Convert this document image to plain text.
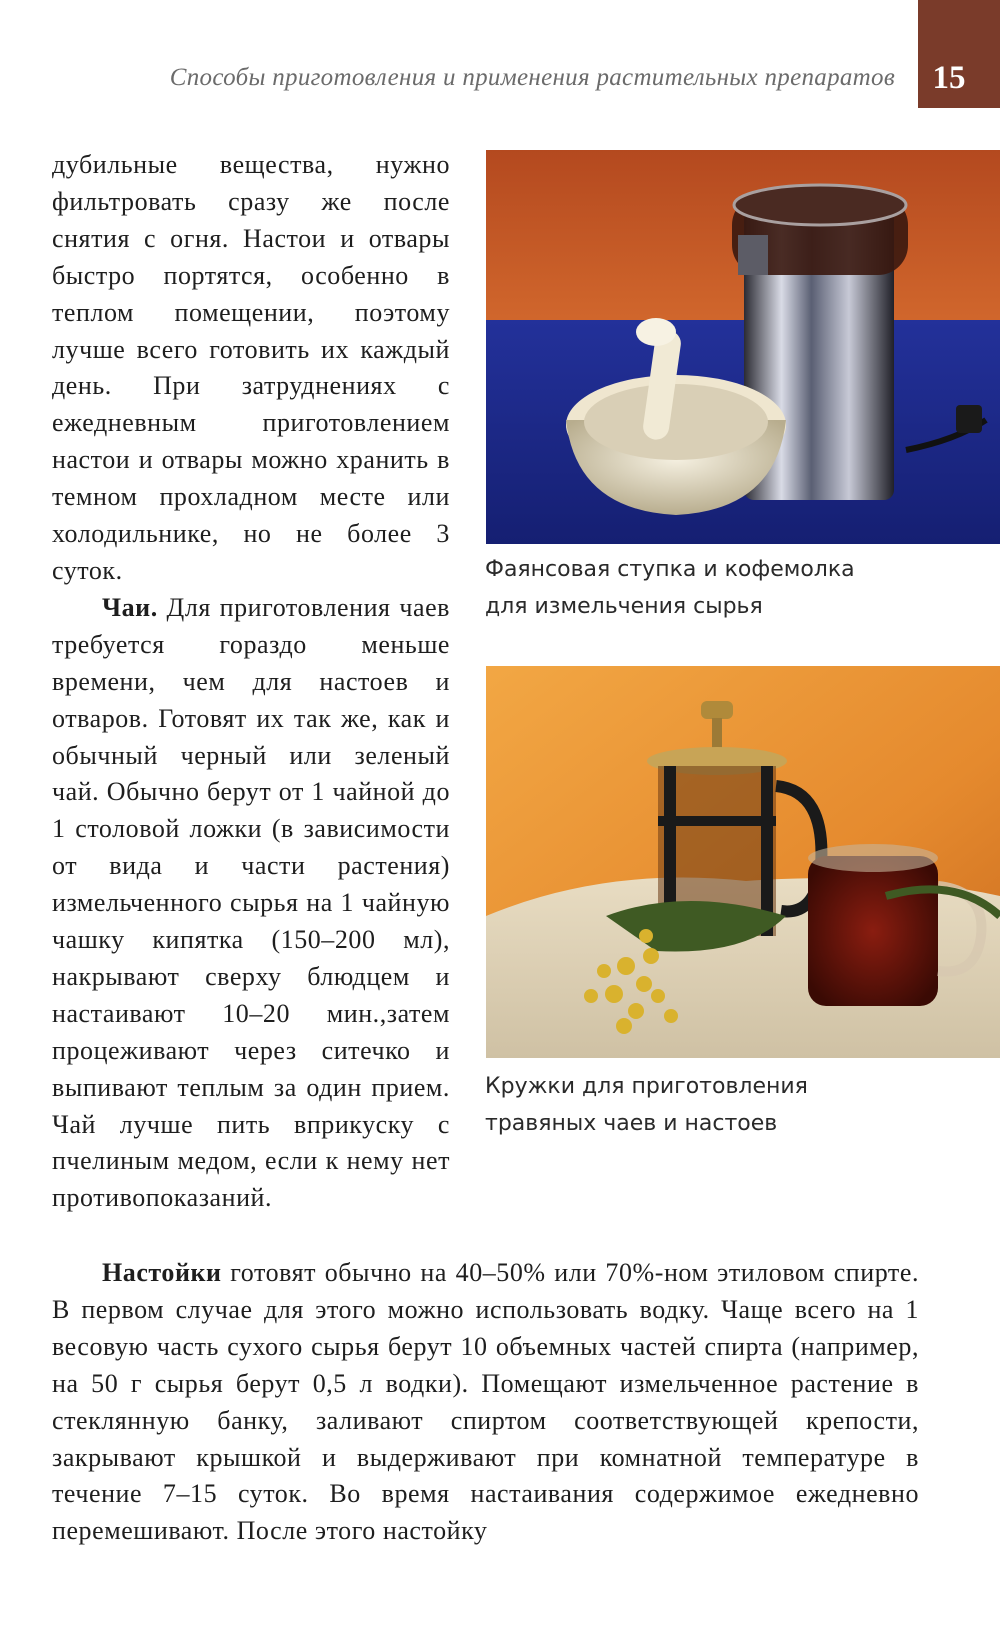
15
Способы приготовления и применения растительных препаратов

дубильные вещества, нужно фильтровать сразу же после снятия с огня. Настои и отвары быстро портятся, особенно в теплом помещении, поэтому лучше всего готовить их каждый день. При затруднениях с ежедневным приготовлением настои и отвары можно хранить в темном прохладном месте или холодильнике, но не более 3 суток.

Чаи. Для приготовления чаев требуется гораздо меньше времени, чем для настоев и отваров. Готовят их так же, как и обычный черный или зеленый чай. Обычно берут от 1 чайной до 1 столовой ложки (в зависимости от вида и части растения) измельченного сырья на 1 чайную чашку кипятка (150–200 мл), накрывают сверху блюдцем и настаивают 10–20 мин.,затем процеживают через ситечко и выпивают теплым за один прием. Чай лучше пить вприкуску с пчелиным медом, если к нему нет противопоказаний.

Фаянсовая ступка и кофемолка
для измельчения сырья
Кружки для приготовления
травяных чаев и настоев

Настойки готовят обычно на 40–50% или 70%-ном этиловом спирте. В первом случае для этого можно использовать водку. Чаще всего на 1 весовую часть сухого сырья берут 10 объемных частей спирта (например, на 50 г сырья берут 0,5 л водки). Помещают измельченное растение в стеклянную банку, заливают спиртом соответствующей крепости, закрывают крышкой и выдерживают при комнатной температуре в течение 7–15 суток. Во время настаивания содержимое ежедневно перемешивают. После этого настойку
